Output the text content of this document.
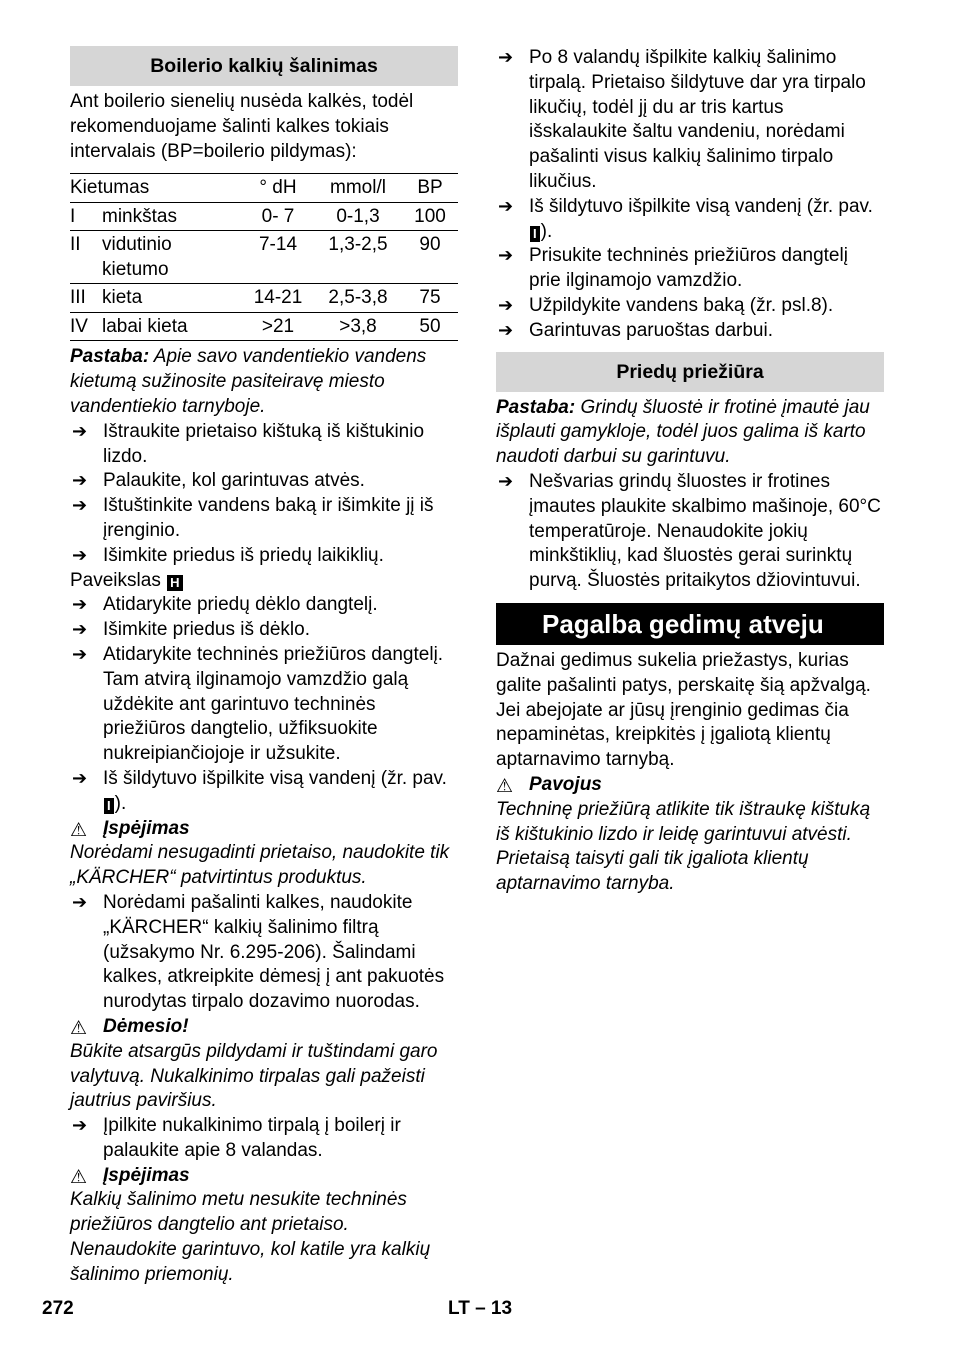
Boilerio kalkių šalinimas

Ant boilerio sienelių nusėda kalkės, todėl rekomenduojame šalinti kalkes tokiais intervalais (BP=boilerio pildymas):

Kietumas		° dH	mmol/l	BP
I	minkštas	0- 7	0-1,3	100
II	vidutinio kietumo	7-14	1,3-2,5	90
III	kieta	14-21	2,5-3,8	75
IV	labai kieta	>21	>3,8	50

Pastaba: Apie savo vandentiekio vandens kietumą sužinosite pasiteiravę miesto vandentiekio tarnyboje.

➔ Ištraukite prietaiso kištuką iš kištukinio lizdo.

➔ Palaukite, kol garintuvas atvės.

➔ Ištuštinkite vandens baką ir išimkite jį iš įrenginio.

➔ Išimkite priedus iš priedų laikiklių.

Paveikslas H

➔ Atidarykite priedų dėklo dangtelį.

➔ Išimkite priedus iš dėklo.

➔ Atidarykite techninės priežiūros dangtelį. Tam atvirą ilginamojo vamzdžio galą uždėkite ant garintuvo techninės priežiūros dangtelio, užfiksuokite nukreipiančiojoje ir užsukite.

➔ Iš šildytuvo išpilkite visą vandenį (žr. pav.I ).

⚠ Įspėjimas

Norėdami nesugadinti prietaiso, naudokite tik „KÄRCHER“ patvirtintus produktus.

➔ Norėdami pašalinti kalkes, naudokite „KÄRCHER“ kalkių šalinimo filtrą (užsakymo Nr. 6.295-206). Šalindami kalkes, atkreipkite dėmesį į ant pakuotės nurodytas tirpalo dozavimo nuorodas.

⚠ Dėmesio!

Būkite atsargūs pildydami ir tuštindami garo valytuvą. Nukalkinimo tirpalas gali pažeisti jautrius paviršius.

➔ Įpilkite nukalkinimo tirpalą į boilerį ir palaukite apie 8 valandas.

⚠ Įspėjimas

Kalkių šalinimo metu nesukite techninės priežiūros dangtelio ant prietaiso.

Nenaudokite garintuvo, kol katile yra kalkių šalinimo priemonių.

➔ Po 8 valandų išpilkite kalkių šalinimo tirpalą. Prietaiso šildytuve dar yra tirpalo likučių, todėl jį du ar tris kartus išskalaukite šaltu vandeniu, norėdami pašalinti visus kalkių šalinimo tirpalo likučius.

➔ Iš šildytuvo išpilkite visą vandenį (žr. pav.I ).

➔ Prisukite techninės priežiūros dangtelį prie ilginamojo vamzdžio.

➔ Užpildykite vandens baką (žr. psl.8).

➔ Garintuvas paruoštas darbui.

Priedų priežiūra

Pastaba: Grindų šluostė ir frotinė įmautė jau išplauti gamykloje, todėl juos galima iš karto naudoti darbui su garintuvu.

➔ Nešvarias grindų šluostes ir frotines įmautes plaukite skalbimo mašinoje, 60°C temperatūroje. Nenaudokite jokių minkštiklių, kad šluostės gerai surinktų purvą. Šluostės pritaikytos džiovintuvui.

Pagalba gedimų atveju

Dažnai gedimus sukelia priežastys, kurias galite pašalinti patys, perskaitę šią apžvalgą. Jei abejojate ar jūsų įrenginio gedimas čia nepaminėtas, kreipkitės į įgaliotą klientų aptarnavimo tarnybą.

⚠ Pavojus

Techninę priežiūrą atlikite tik ištraukę kištuką iš kištukinio lizdo ir leidę garintuvui atvėsti.

Prietaisą taisyti gali tik įgaliota klientų aptarnavimo tarnyba.

272	LT – 13
